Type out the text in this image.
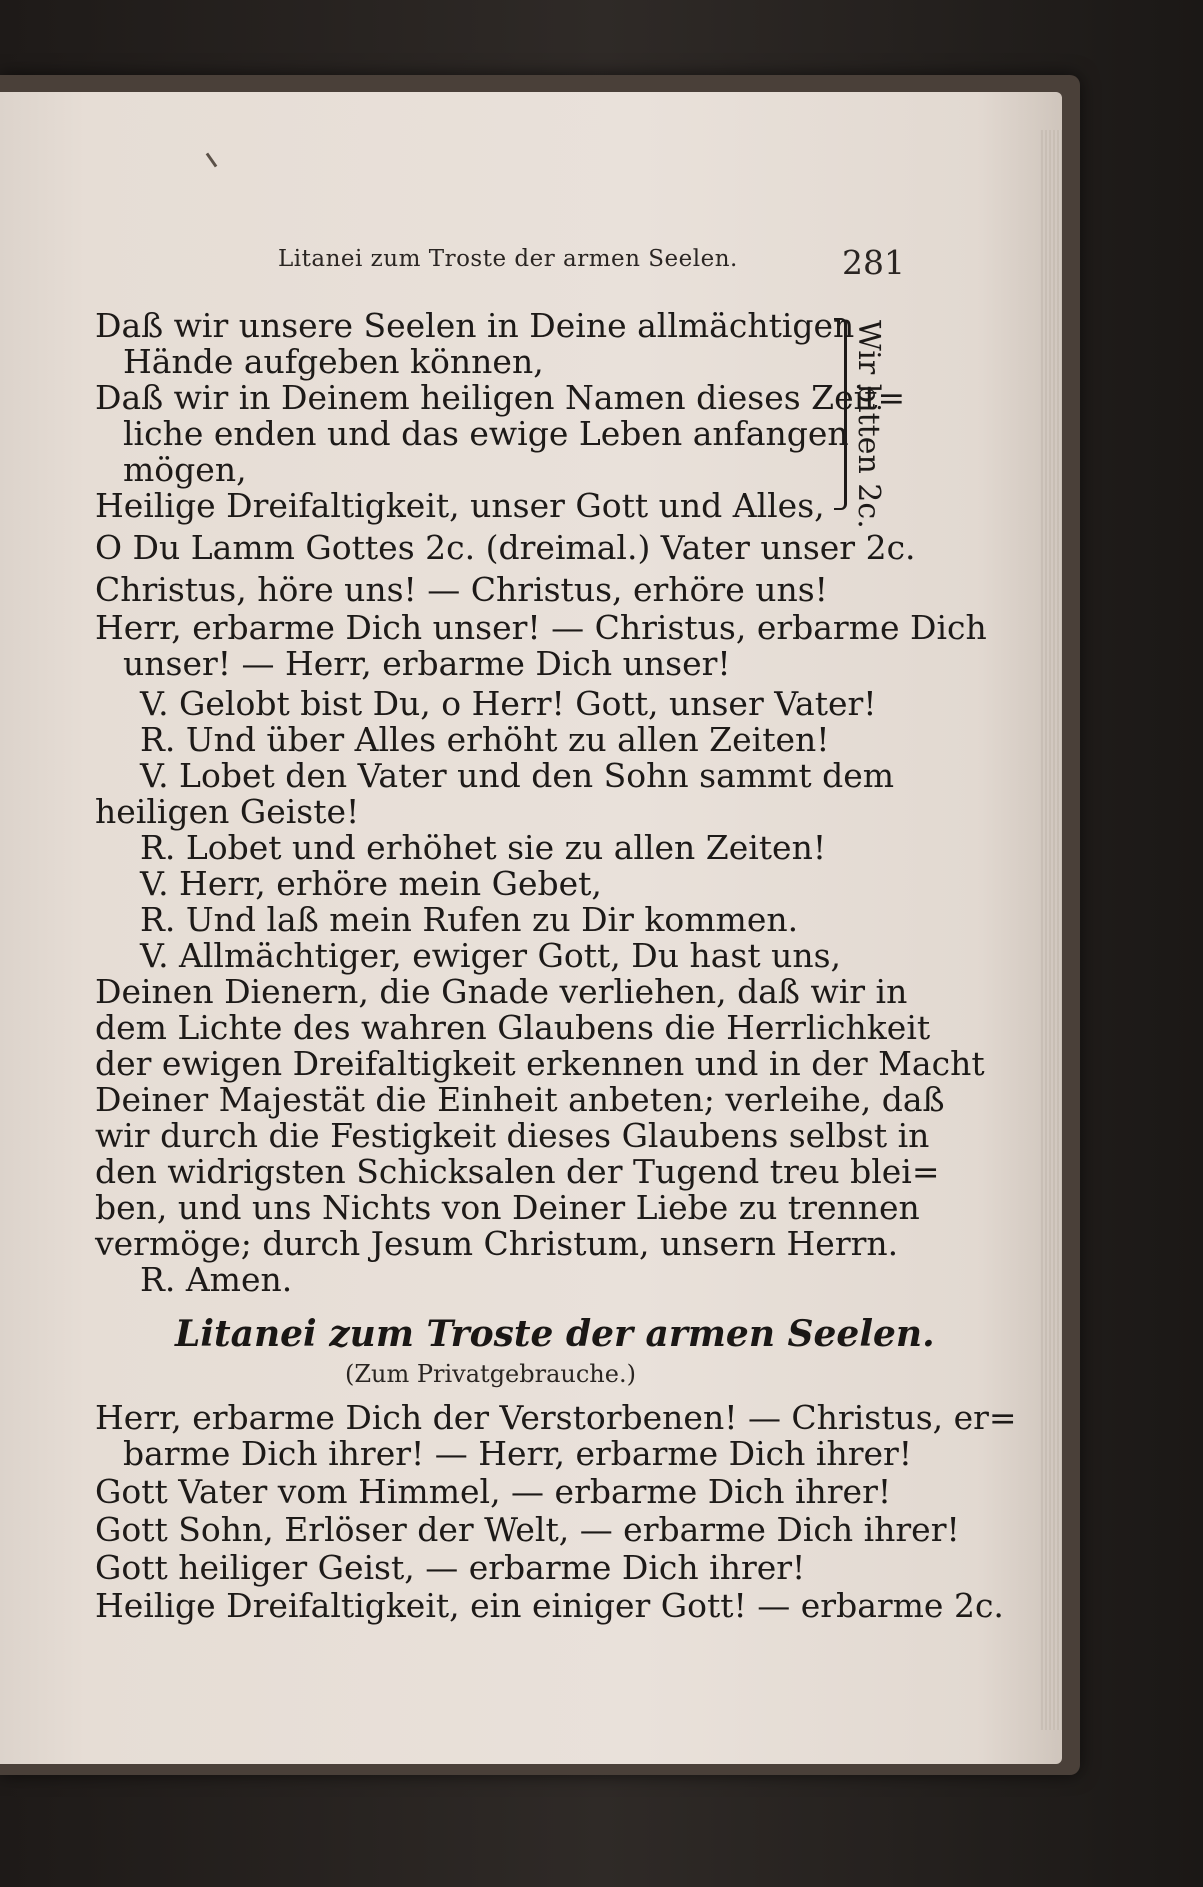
Litanei zum Troste der armen Seelen.	281
Daß wir unsere Seelen in Deine allmächtigen
Hände aufgeben können,
Daß wir in Deinem heiligen Namen dieses Zeit=
liche enden und das ewige Leben anfangen
mögen,
Heilige Dreifaltigkeit, unser Gott und Alles, Wir bitten 2c.
O Du Lamm Gottes 2c. (dreimal.) Vater unser 2c.
Christus, höre uns! — Christus, erhöre uns!
Herr, erbarme Dich unser! — Christus, erbarme Dich
unser! — Herr, erbarme Dich unser!
V. Gelobt bist Du, o Herr! Gott, unser Vater!
R. Und über Alles erhöht zu allen Zeiten!
V. Lobet den Vater und den Sohn sammt dem
heiligen Geiste!
R. Lobet und erhöhet sie zu allen Zeiten!
V. Herr, erhöre mein Gebet,
R. Und laß mein Rufen zu Dir kommen.
V. Allmächtiger, ewiger Gott, Du hast uns,
Deinen Dienern, die Gnade verliehen, daß wir in
dem Lichte des wahren Glaubens die Herrlichkeit
der ewigen Dreifaltigkeit erkennen und in der Macht
Deiner Majestät die Einheit anbeten; verleihe, daß
wir durch die Festigkeit dieses Glaubens selbst in
den widrigsten Schicksalen der Tugend treu blei=
ben, und uns Nichts von Deiner Liebe zu trennen
vermöge; durch Jesum Christum, unsern Herrn.
R. Amen.
Litanei zum Troste der armen Seelen.
(Zum Privatgebrauche.)
Herr, erbarme Dich der Verstorbenen! — Christus, er=
barme Dich ihrer! — Herr, erbarme Dich ihrer!
Gott Vater vom Himmel, — erbarme Dich ihrer!
Gott Sohn, Erlöser der Welt, — erbarme Dich ihrer!
Gott heiliger Geist, — erbarme Dich ihrer!
Heilige Dreifaltigkeit, ein einiger Gott! — erbarme 2c.
